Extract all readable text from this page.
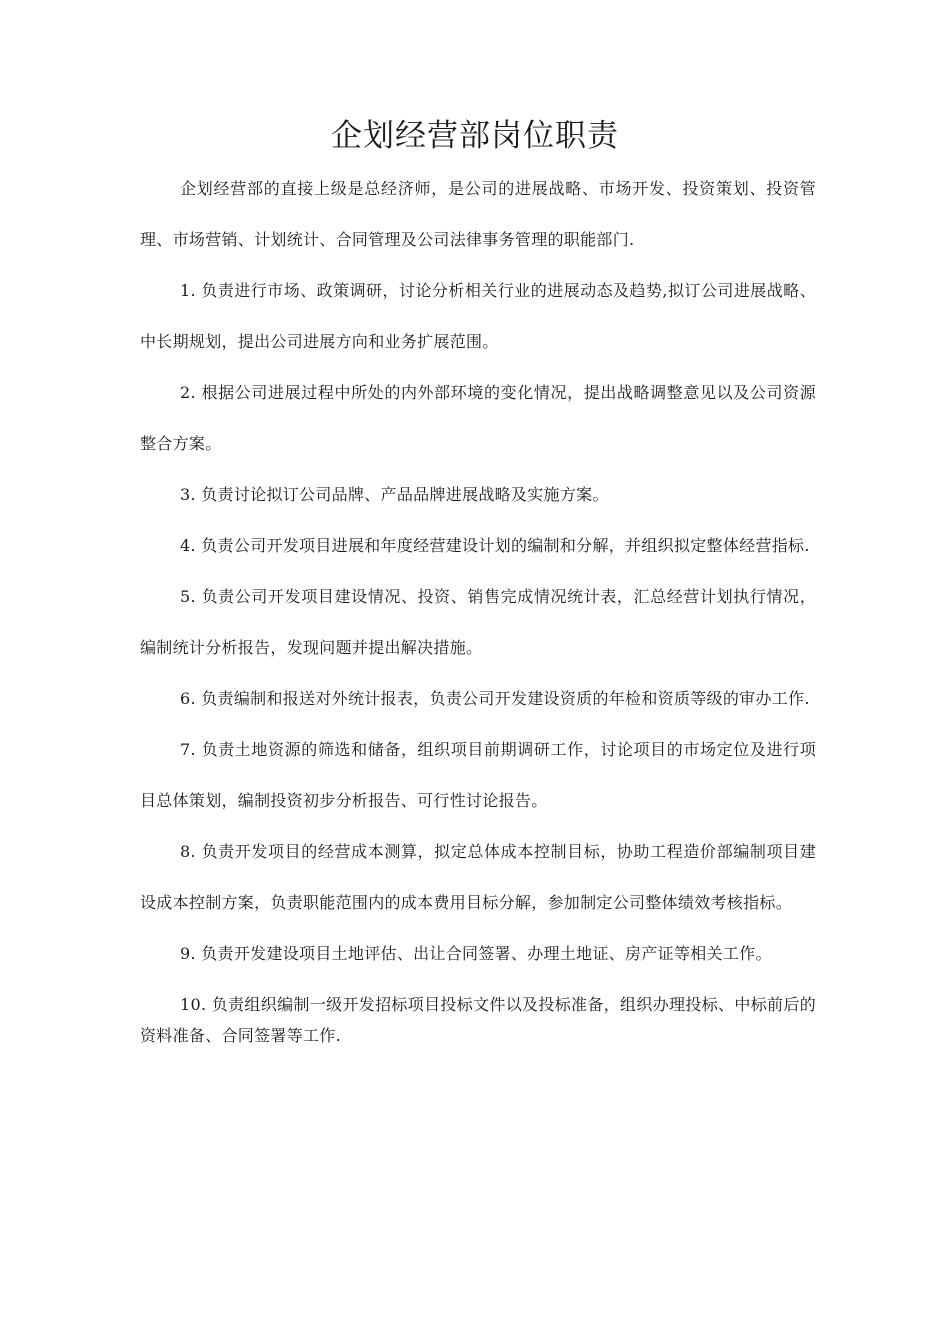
企划经营部岗位职责

企划经营部的直接上级是总经济师，是公司的进展战略、市场开发、投资策划、投资管理、市场营销、计划统计、合同管理及公司法律事务管理的职能部门.

1. 负责进行市场、政策调研，讨论分析相关行业的进展动态及趋势,拟订公司进展战略、中长期规划，提出公司进展方向和业务扩展范围。

2. 根据公司进展过程中所处的内外部环境的变化情况，提出战略调整意见以及公司资源整合方案。

3. 负责讨论拟订公司品牌、产品品牌进展战略及实施方案。

4. 负责公司开发项目进展和年度经营建设计划的编制和分解，并组织拟定整体经营指标.

5. 负责公司开发项目建设情况、投资、销售完成情况统计表，汇总经营计划执行情况，编制统计分析报告，发现问题并提出解决措施。

6. 负责编制和报送对外统计报表，负责公司开发建设资质的年检和资质等级的审办工作.

7. 负责土地资源的筛选和储备，组织项目前期调研工作，讨论项目的市场定位及进行项目总体策划，编制投资初步分析报告、可行性讨论报告。

8. 负责开发项目的经营成本测算，拟定总体成本控制目标，协助工程造价部编制项目建设成本控制方案，负责职能范围内的成本费用目标分解，参加制定公司整体绩效考核指标。

9. 负责开发建设项目土地评估、出让合同签署、办理土地证、房产证等相关工作。

10. 负责组织编制一级开发招标项目投标文件以及投标准备，组织办理投标、中标前后的资料准备、合同签署等工作.
